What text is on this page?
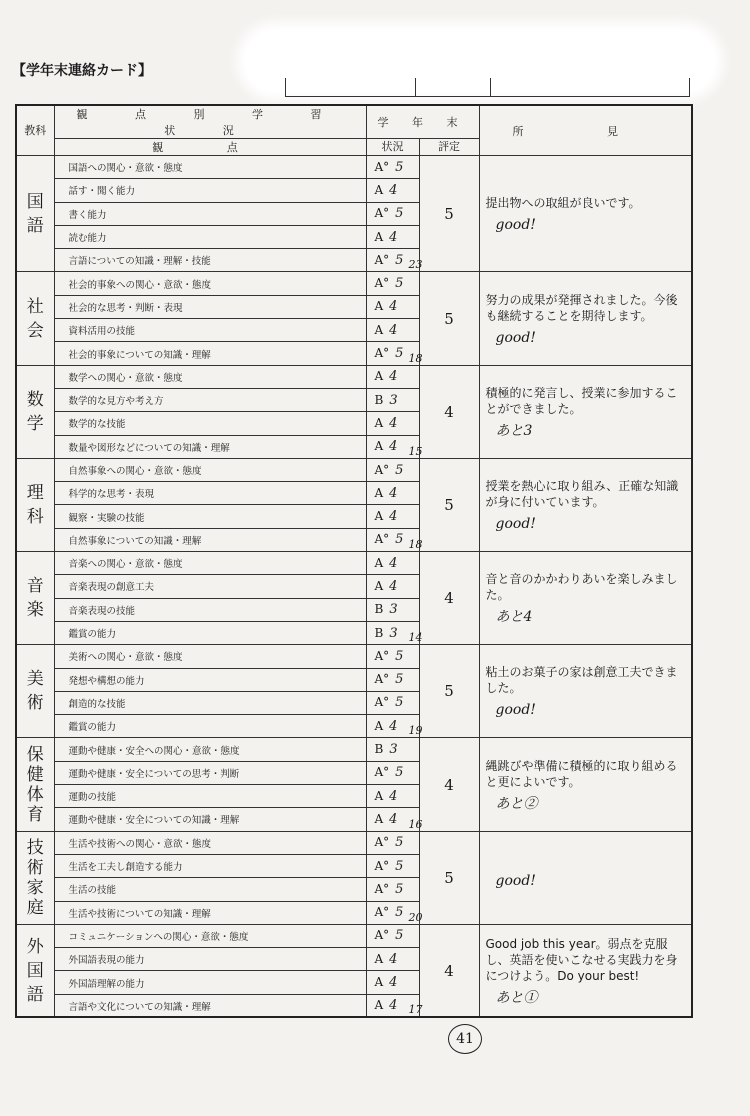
【学年末連絡カード】
教科	観 点 別 学 習 状 況	学 年 末		所 見
	観 点	状況	評定	

国
語	国語への関心・意欲・態度	A° 5	5	提出物への取組が良いです。
good!

	話す・聞く能力	A 4		
	書く能力	A° 5		
	読む能力	A 4		
	言語についての知識・理解・技能	A° 5 23		

社
会	社会的事象への関心・意欲・態度	A° 5	5	努力の成果が発揮されました。今後も継続することを期待します。
good!

	社会的な思考・判断・表現	A 4		
	資料活用の技能	A 4		
	社会的事象についての知識・理解	A° 5 18		

数
学	数学への関心・意欲・態度	A 4	4	積極的に発言し、授業に参加することができました。
あと3

	数学的な見方や考え方	B 3		
	数学的な技能	A 4		
	数量や図形などについての知識・理解	A 4 15		

理
科	自然事象への関心・意欲・態度	A° 5	5	授業を熱心に取り組み、正確な知識が身に付いています。
good!

	科学的な思考・表現	A 4		
	観察・実験の技能	A 4		
	自然事象についての知識・理解	A° 5 18		

音
楽	音楽への関心・意欲・態度	A 4	4	音と音のかかわりあいを楽しみました。
あと4

	音楽表現の創意工夫	A 4		
	音楽表現の技能	B 3		
	鑑賞の能力	B 3 14		

美
術	美術への関心・意欲・態度	A° 5	5	粘土のお菓子の家は創意工夫できました。
good!

	発想や構想の能力	A° 5		
	創造的な技能	A° 5		
	鑑賞の能力	A 4 19		

保
健
体
育	運動や健康・安全への関心・意欲・態度	B 3	4	縄跳びや準備に積極的に取り組めると更によいです。
あと②

	運動や健康・安全についての思考・判断	A° 5		
	運動の技能	A 4		
	運動や健康・安全についての知識・理解	A 4 16		

技
術
家
庭	生活や技術への関心・意欲・態度	A° 5	5	good!

	生活を工夫し創造する能力	A° 5		
	生活の技能	A° 5		
	生活や技術についての知識・理解	A° 5 20		

外
国
語	コミュニケーションへの関心・意欲・態度	A° 5	4	Good job this year。弱点を克服し、英語を使いこなせる実践力を身につけよう。Do your best!
あと①

	外国語表現の能力	A 4		
	外国語理解の能力	A 4		
	言語や文化についての知識・理解	A 4 17		
41
